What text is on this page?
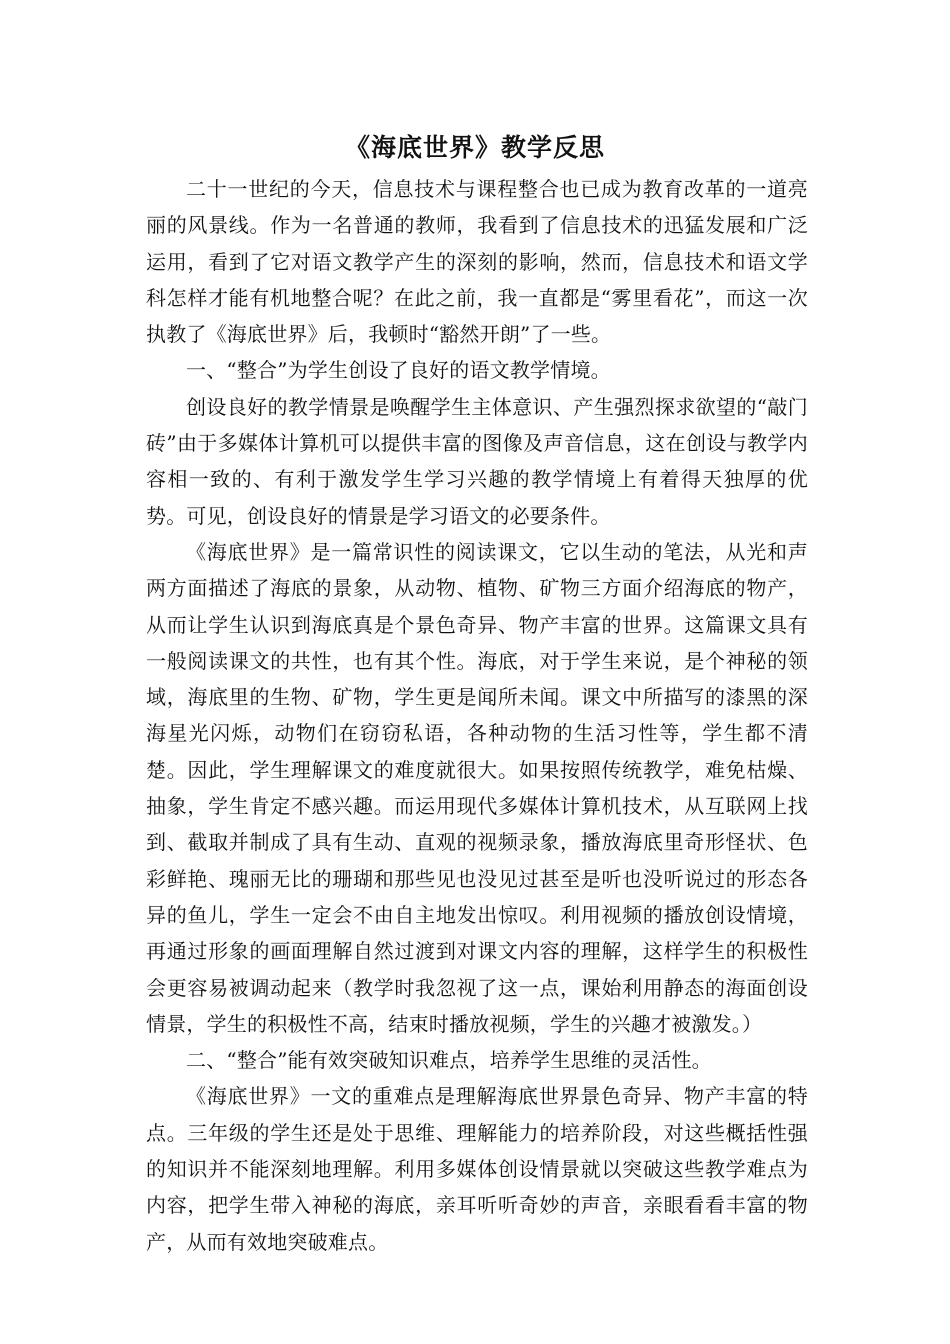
《海底世界》教学反思

二十一世纪的今天，信息技术与课程整合也已成为教育改革的一道亮丽的风景线。作为一名普通的教师，我看到了信息技术的迅猛发展和广泛运用，看到了它对语文教学产生的深刻的影响，然而，信息技术和语文学科怎样才能有机地整合呢？在此之前，我一直都是“雾里看花”，而这一次执教了《海底世界》后，我顿时“豁然开朗”了一些。

一、“整合”为学生创设了良好的语文教学情境。

创设良好的教学情景是唤醒学生主体意识、产生强烈探求欲望的“敲门砖”由于多媒体计算机可以提供丰富的图像及声音信息，这在创设与教学内容相一致的、有利于激发学生学习兴趣的教学情境上有着得天独厚的优势。可见，创设良好的情景是学习语文的必要条件。

《海底世界》是一篇常识性的阅读课文，它以生动的笔法，从光和声两方面描述了海底的景象，从动物、植物、矿物三方面介绍海底的物产，从而让学生认识到海底真是个景色奇异、物产丰富的世界。这篇课文具有一般阅读课文的共性，也有其个性。海底，对于学生来说，是个神秘的领域，海底里的生物、矿物，学生更是闻所未闻。课文中所描写的漆黑的深海星光闪烁，动物们在窃窃私语，各种动物的生活习性等，学生都不清楚。因此，学生理解课文的难度就很大。如果按照传统教学，难免枯燥、抽象，学生肯定不感兴趣。而运用现代多媒体计算机技术，从互联网上找到、截取并制成了具有生动、直观的视频录象，播放海底里奇形怪状、色彩鲜艳、瑰丽无比的珊瑚和那些见也没见过甚至是听也没听说过的形态各异的鱼儿，学生一定会不由自主地发出惊叹。利用视频的播放创设情境，再通过形象的画面理解自然过渡到对课文内容的理解，这样学生的积极性会更容易被调动起来（教学时我忽视了这一点，课始利用静态的海面创设情景，学生的积极性不高，结束时播放视频，学生的兴趣才被激发。）

二、“整合”能有效突破知识难点，培养学生思维的灵活性。

《海底世界》一文的重难点是理解海底世界景色奇异、物产丰富的特点。三年级的学生还是处于思维、理解能力的培养阶段，对这些概括性强的知识并不能深刻地理解。利用多媒体创设情景就以突破这些教学难点为内容，把学生带入神秘的海底，亲耳听听奇妙的声音，亲眼看看丰富的物产，从而有效地突破难点。
